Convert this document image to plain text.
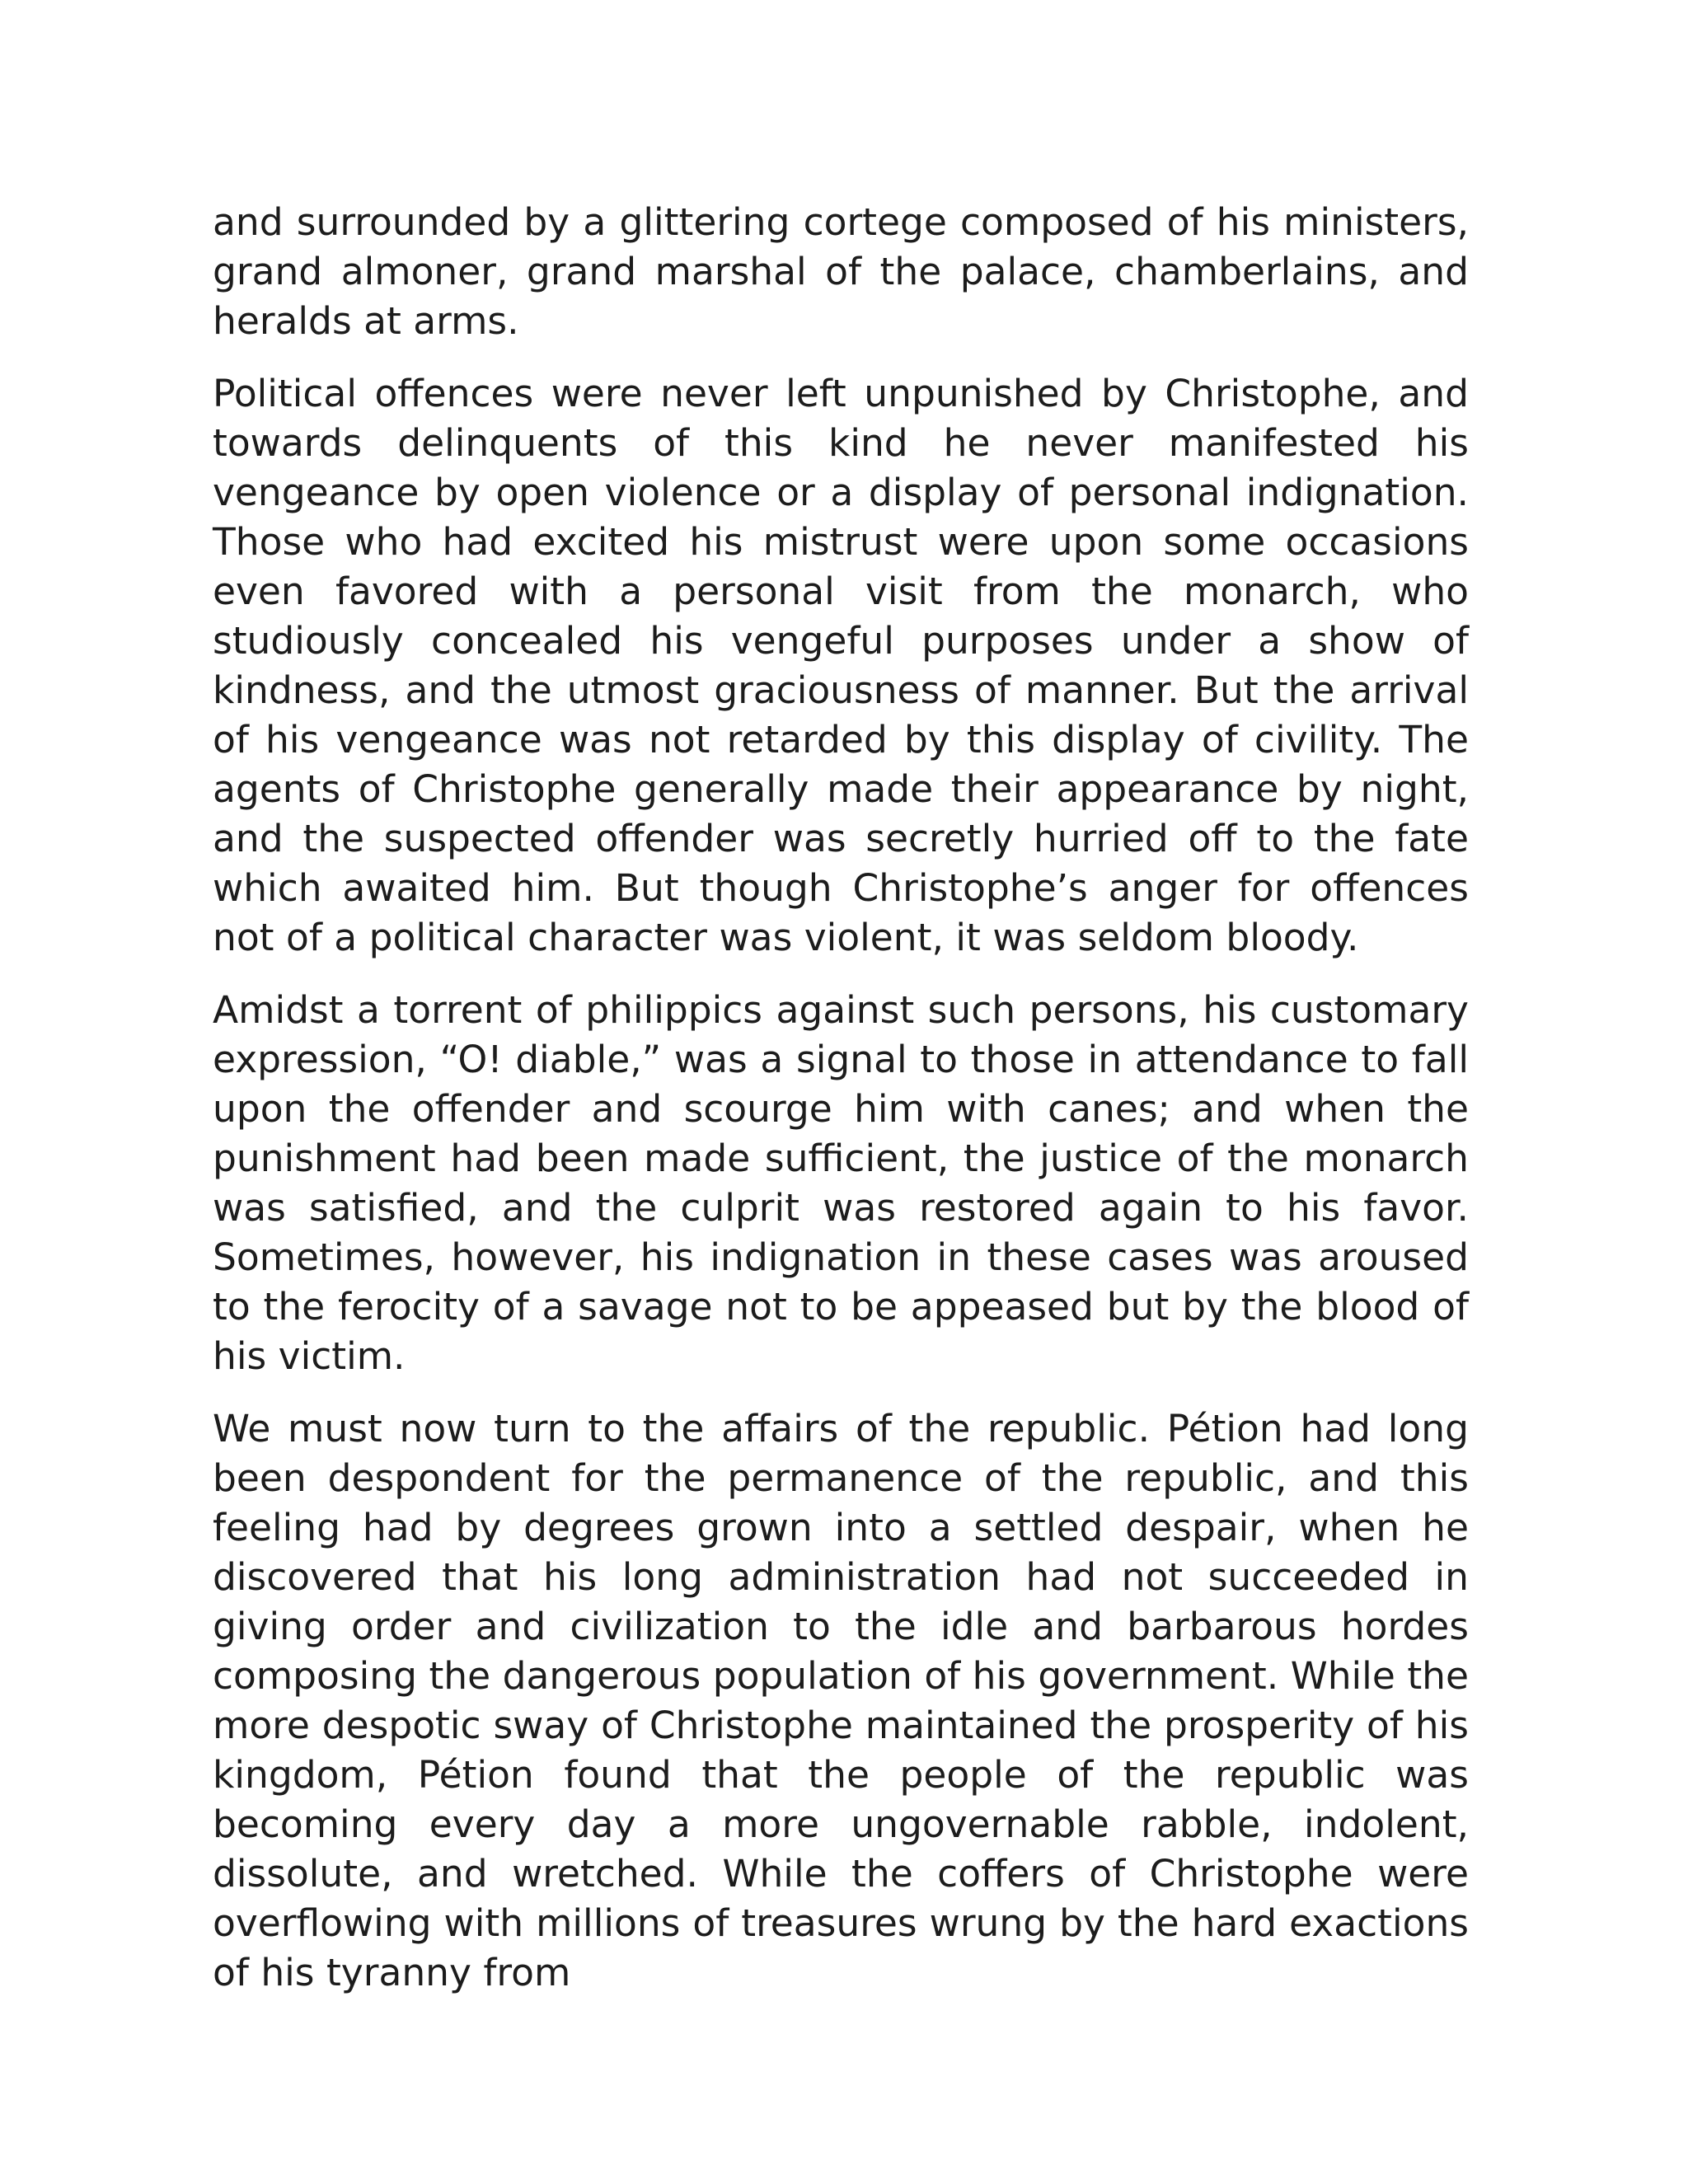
and surrounded by a glittering cortege composed of his ministers, grand almoner, grand marshal of the palace, chamberlains, and heralds at arms.

Political offences were never left unpunished by Christophe, and towards delinquents of this kind he never manifested his vengeance by open violence or a display of personal indignation. Those who had excited his mistrust were upon some occasions even favored with a personal visit from the monarch, who studiously concealed his vengeful purposes under a show of kindness, and the utmost graciousness of manner. But the arrival of his vengeance was not retarded by this display of civility. The agents of Christophe generally made their appearance by night, and the suspected offender was secretly hurried off to the fate which awaited him. But though Christophe’s anger for offences not of a political character was violent, it was seldom bloody.

Amidst a torrent of philippics against such persons, his customary expression, “O! diable,” was a signal to those in attendance to fall upon the offender and scourge him with canes; and when the punishment had been made sufficient, the justice of the monarch was satisfied, and the culprit was restored again to his favor. Sometimes, however, his indignation in these cases was aroused to the ferocity of a savage not to be appeased but by the blood of his victim.

We must now turn to the affairs of the republic. Pétion had long been despondent for the permanence of the republic, and this feeling had by degrees grown into a settled despair, when he discovered that his long administration had not succeeded in giving order and civilization to the idle and barbarous hordes composing the dangerous population of his government. While the more despotic sway of Christophe maintained the prosperity of his kingdom, Pétion found that the people of the republic was becoming every day a more ungovernable rabble, indolent, dissolute, and wretched. While the coffers of Christophe were overflowing with millions of treasures wrung by the hard exactions of his tyranny from
